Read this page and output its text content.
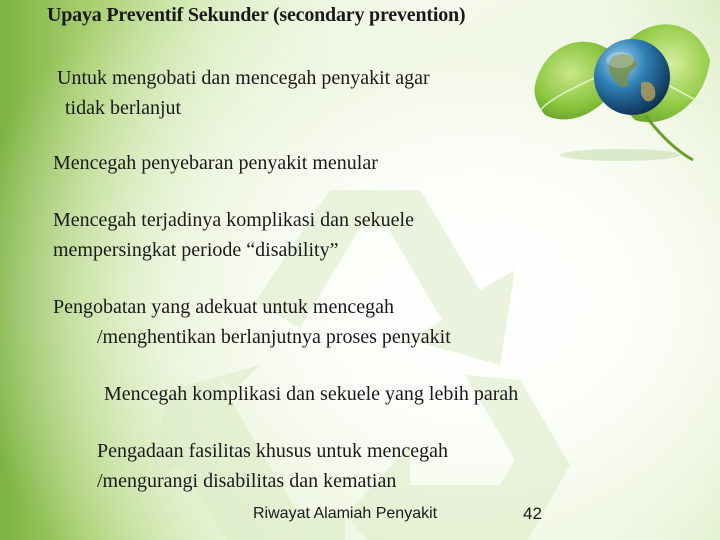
Upaya Preventif Sekunder (secondary prevention)
Untuk mengobati dan mencegah penyakit agar
tidak berlanjut
Mencegah penyebaran penyakit menular
Mencegah terjadinya komplikasi dan sekuele
mempersingkat periode “disability”
Pengobatan yang adekuat untuk mencegah
/menghentikan berlanjutnya proses penyakit
Mencegah komplikasi dan sekuele yang lebih parah
Pengadaan fasilitas khusus untuk mencegah
/mengurangi disabilitas dan kematian
Riwayat Alamiah Penyakit	42
